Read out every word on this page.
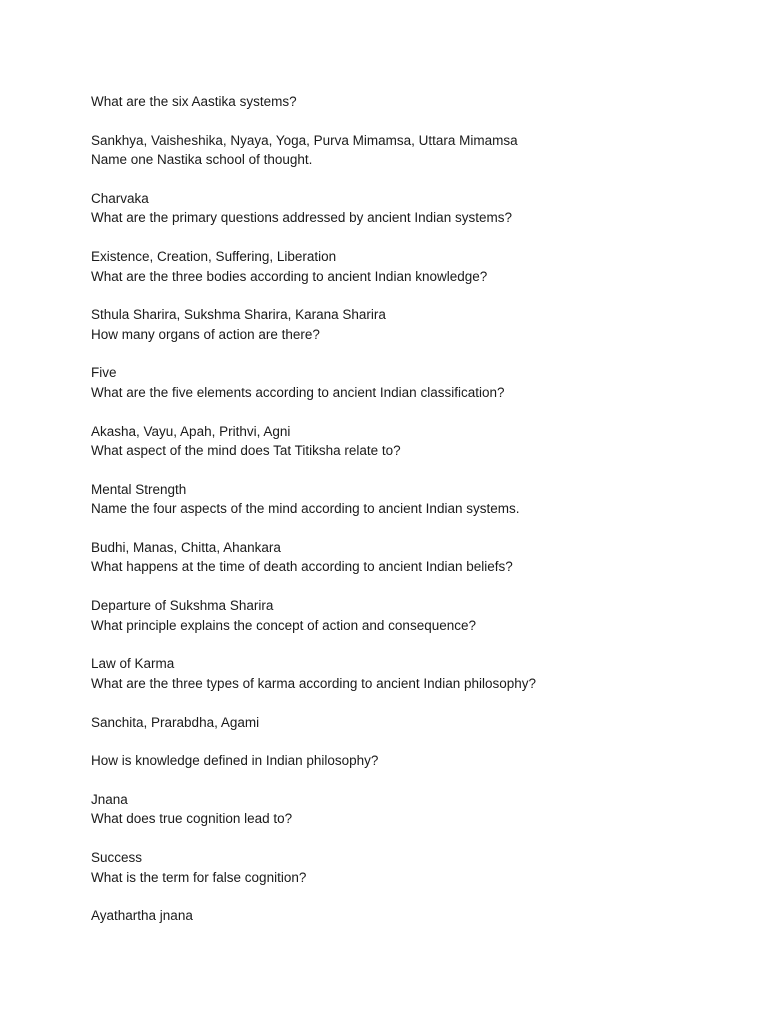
What are the six Aastika systems?
Sankhya, Vaisheshika, Nyaya, Yoga, Purva Mimamsa, Uttara Mimamsa
Name one Nastika school of thought.
Charvaka
What are the primary questions addressed by ancient Indian systems?
Existence, Creation, Suffering, Liberation
What are the three bodies according to ancient Indian knowledge?
Sthula Sharira, Sukshma Sharira, Karana Sharira
How many organs of action are there?
Five
What are the five elements according to ancient Indian classification?
Akasha, Vayu, Apah, Prithvi, Agni
What aspect of the mind does Tat Titiksha relate to?
Mental Strength
Name the four aspects of the mind according to ancient Indian systems.
Budhi, Manas, Chitta, Ahankara
What happens at the time of death according to ancient Indian beliefs?
Departure of Sukshma Sharira
What principle explains the concept of action and consequence?
Law of Karma
What are the three types of karma according to ancient Indian philosophy?
Sanchita, Prarabdha, Agami
How is knowledge defined in Indian philosophy?
Jnana
What does true cognition lead to?
Success
What is the term for false cognition?
Ayathartha jnana
